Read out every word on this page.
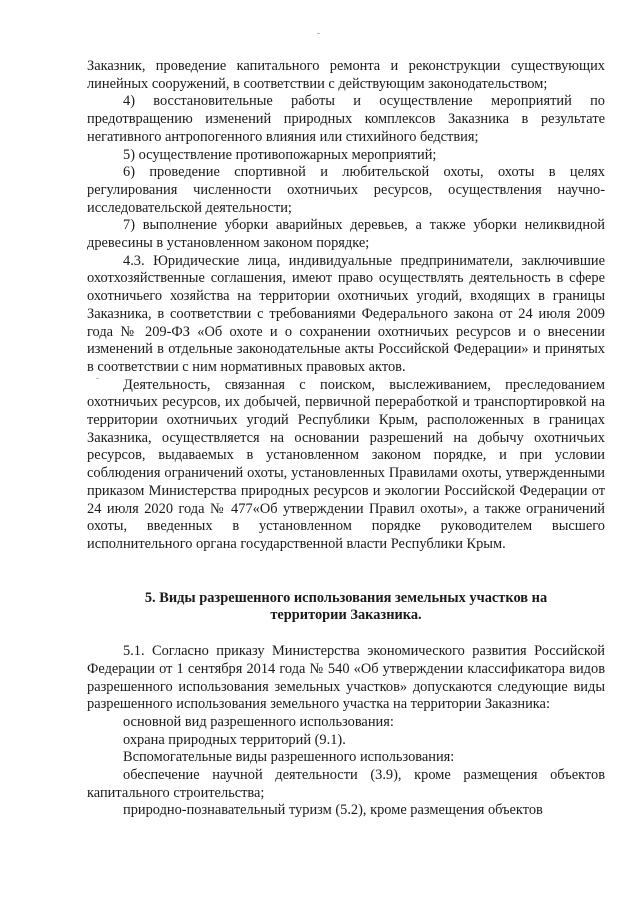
Заказник, проведение капитального ремонта и реконструкции существующих линейных сооружений, в соответствии с действующим законодательством;

4) восстановительные работы и осуществление мероприятий по предотвращению изменений природных комплексов Заказника в результате негативного антропогенного влияния или стихийного бедствия;

5) осуществление противопожарных мероприятий;

6) проведение спортивной и любительской охоты, охоты в целях регулирования численности охотничьих ресурсов, осуществления научно-исследовательской деятельности;

7) выполнение уборки аварийных деревьев, а также уборки неликвидной древесины в установленном законом порядке;

4.3. Юридические лица, индивидуальные предприниматели, заключившие охотхозяйственные соглашения, имеют право осуществлять деятельность в сфере охотничьего хозяйства на территории охотничьих угодий, входящих в границы Заказника, в соответствии с требованиями Федерального закона от 24 июля 2009 года № 209-ФЗ «Об охоте и о сохранении охотничьих ресурсов и о внесении изменений в отдельные законодательные акты Российской Федерации» и принятых в соответствии с ним нормативных правовых актов.

Деятельность, связанная с поиском, выслеживанием, преследованием охотничьих ресурсов, их добычей, первичной переработкой и транспортировкой на территории охотничьих угодий Республики Крым, расположенных в границах Заказника, осуществляется на основании разрешений на добычу охотничьих ресурсов, выдаваемых в установленном законом порядке, и при условии соблюдения ограничений охоты, установленных Правилами охоты, утвержденными приказом Министерства природных ресурсов и экологии Российской Федерации от 24 июля 2020 года № 477«Об утверждении Правил охоты», а также ограничений охоты, введенных в установленном порядке руководителем высшего исполнительного органа государственной власти Республики Крым.

5. Виды разрешенного использования земельных участков на территории Заказника.

5.1. Согласно приказу Министерства экономического развития Российской Федерации от 1 сентября 2014 года № 540 «Об утверждении классификатора видов разрешенного использования земельных участков» допускаются следующие виды разрешенного использования земельного участка на территории Заказника:

основной вид разрешенного использования:

охрана природных территорий (9.1).

Вспомогательные виды разрешенного использования:

обеспечение научной деятельности (3.9), кроме размещения объектов капитального строительства;

природно-познавательный туризм (5.2), кроме размещения объектов
